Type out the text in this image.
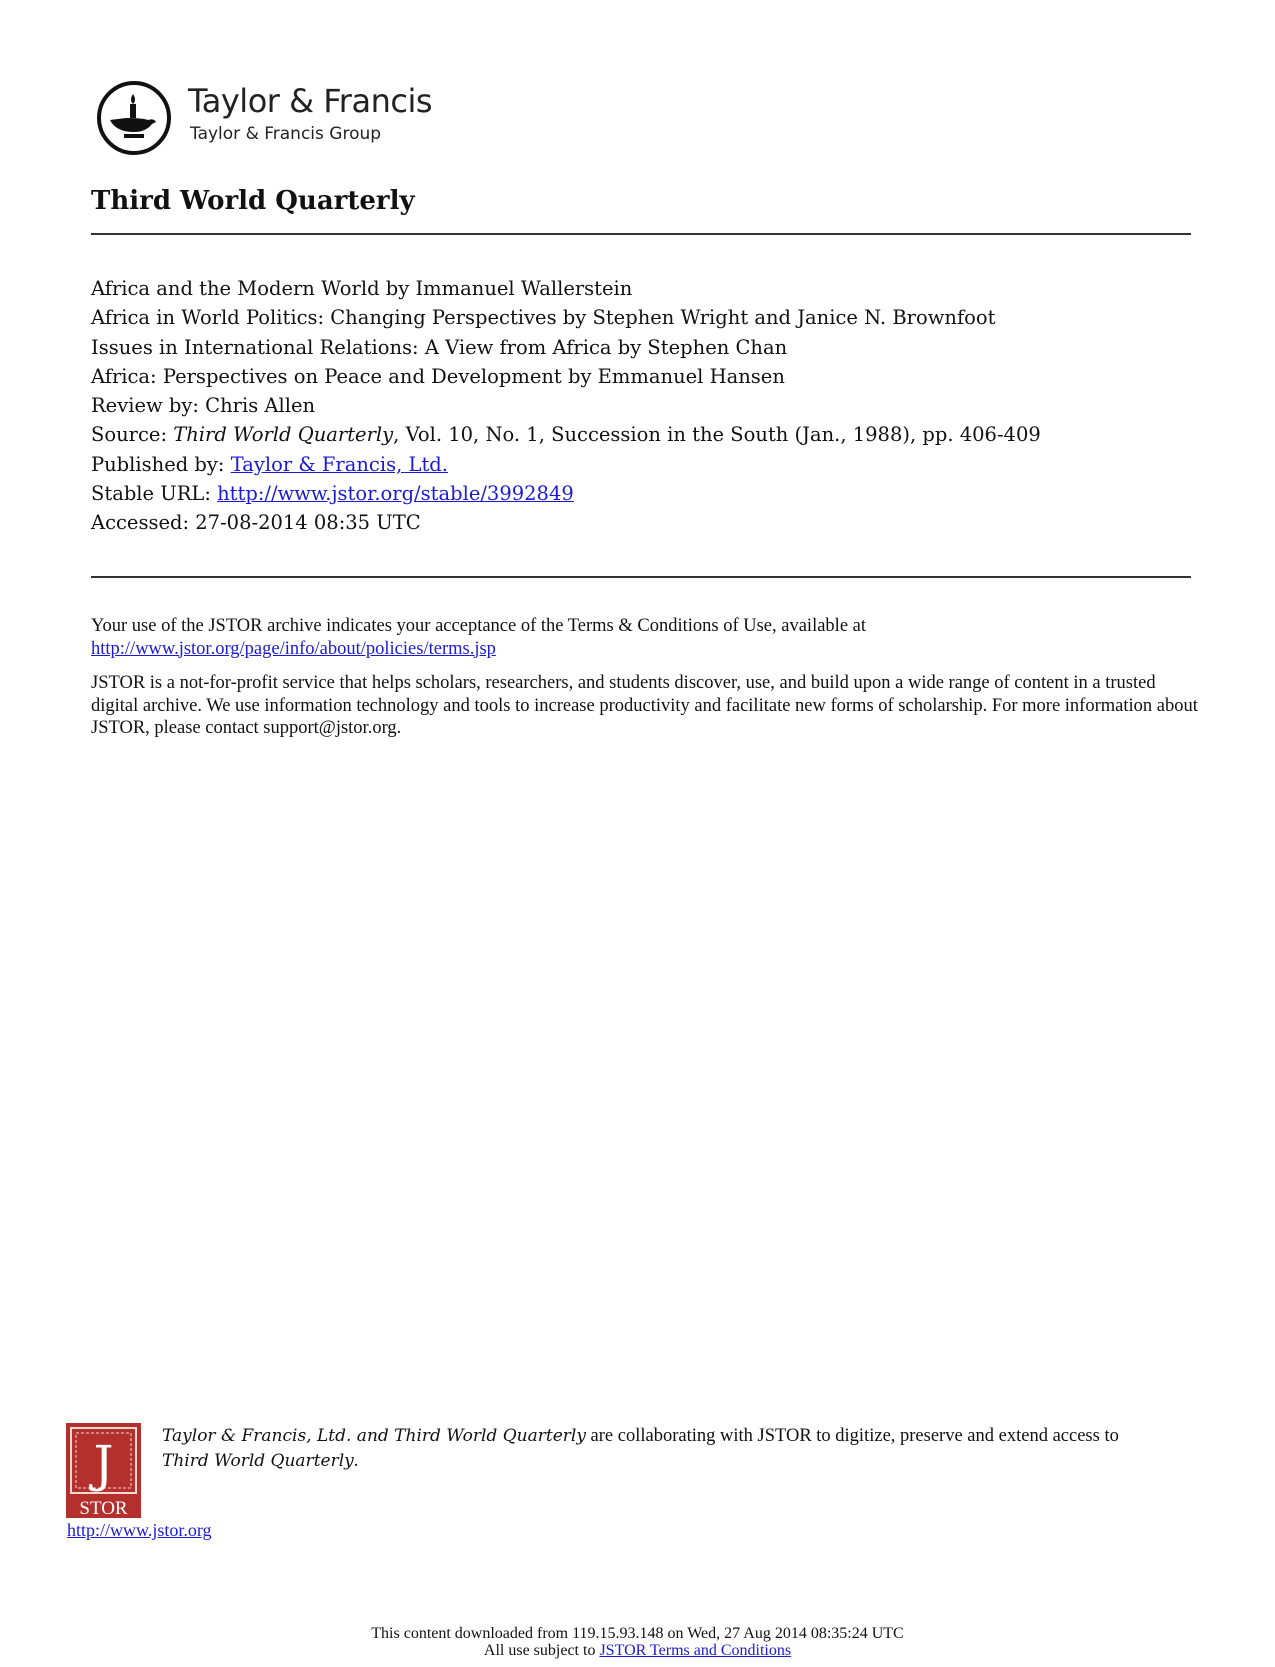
Taylor & Francis
Taylor & Francis Group
Third World Quarterly
Africa and the Modern World by Immanuel Wallerstein
Africa in World Politics: Changing Perspectives by Stephen Wright and Janice N. Brownfoot
Issues in International Relations: A View from Africa by Stephen Chan
Africa: Perspectives on Peace and Development by Emmanuel Hansen
Review by: Chris Allen
Source: Third World Quarterly, Vol. 10, No. 1, Succession in the South (Jan., 1988), pp. 406-409
Published by: Taylor & Francis, Ltd.
Stable URL: http://www.jstor.org/stable/3992849
Accessed: 27-08-2014 08:35 UTC

Your use of the JSTOR archive indicates your acceptance of the Terms & Conditions of Use, available at
http://www.jstor.org/page/info/about/policies/terms.jsp

JSTOR is a not-for-profit service that helps scholars, researchers, and students discover, use, and build upon a wide range of content in a trusted digital archive. We use information technology and tools to increase productivity and facilitate new forms of scholarship. For more information about JSTOR, please contact support@jstor.org.

J
STOR
http://www.jstor.org
Taylor & Francis, Ltd. and Third World Quarterly are collaborating with JSTOR to digitize, preserve and extend access to
Third World Quarterly.
This content downloaded from 119.15.93.148 on Wed, 27 Aug 2014 08:35:24 UTC
All use subject to JSTOR Terms and Conditions
